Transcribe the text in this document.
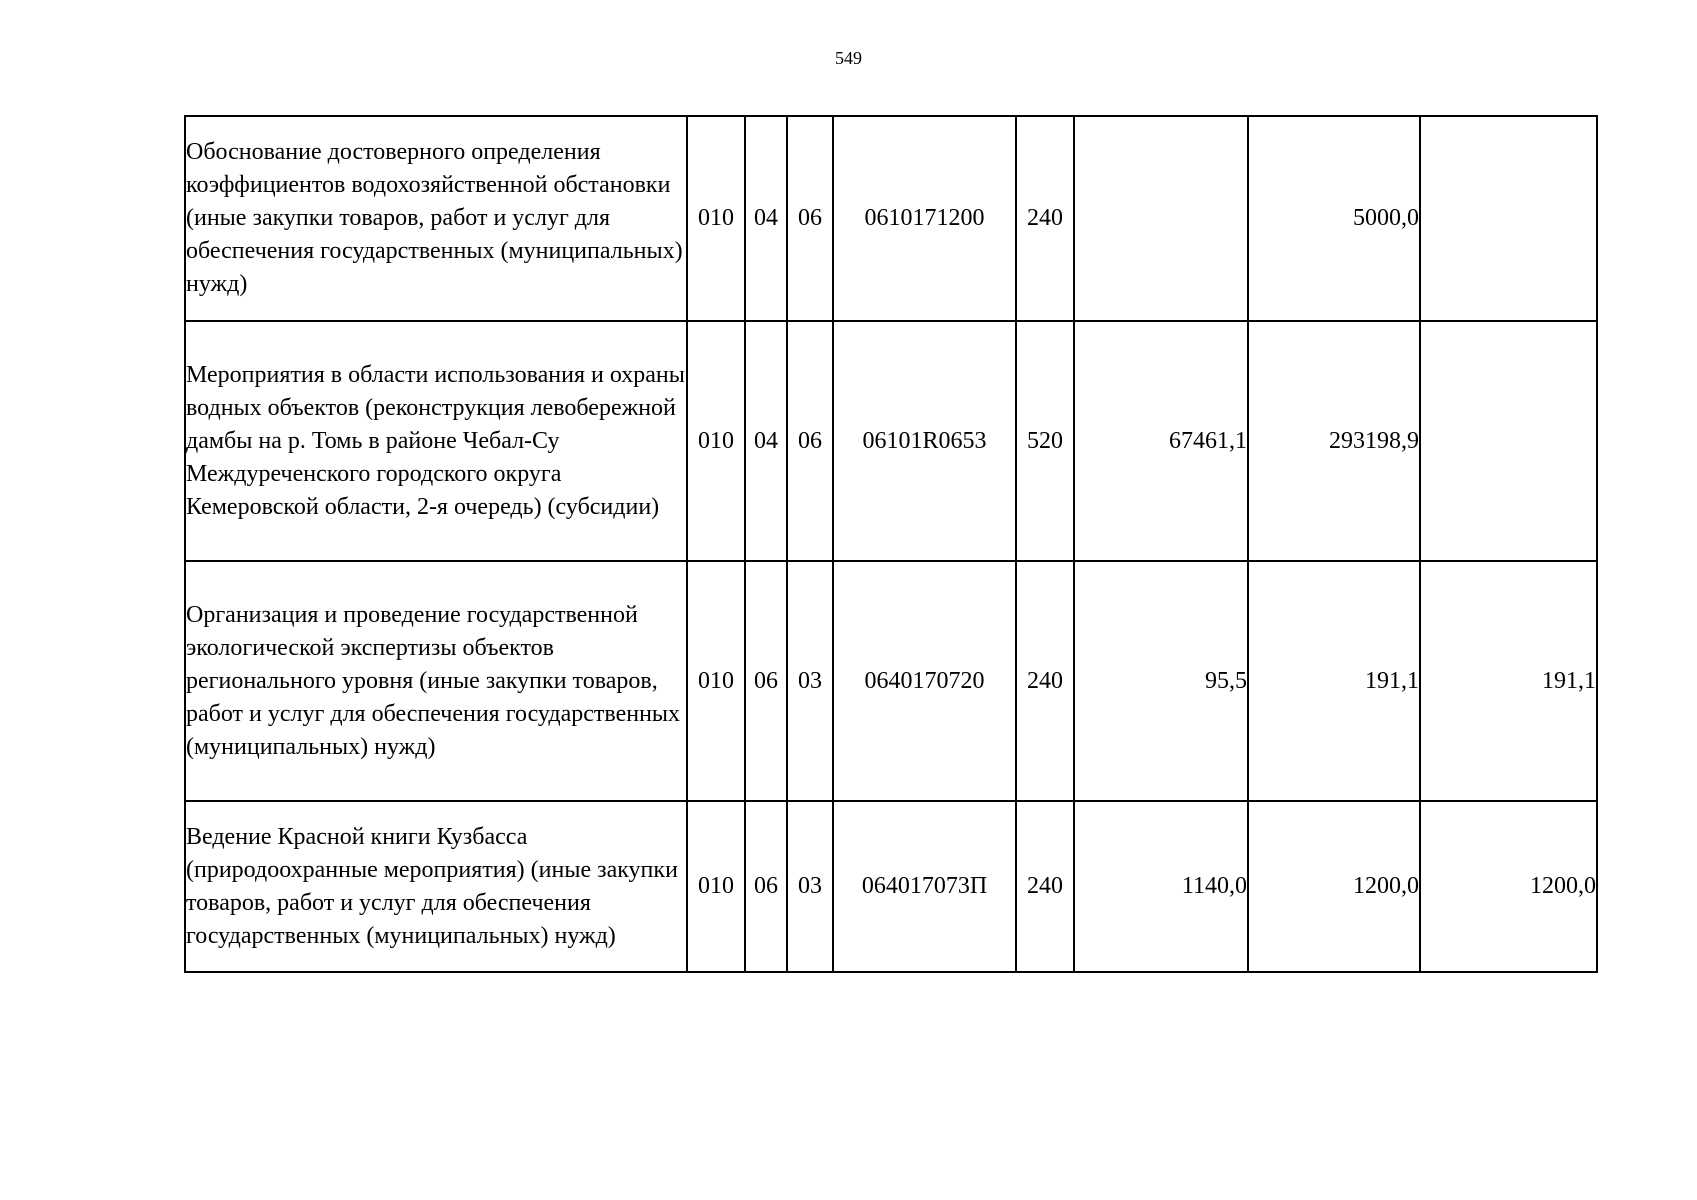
549
Обоснование достоверного определения коэффициентов водохозяйственной обстановки (иные закупки товаров, работ и услуг для обеспечения государственных (муниципальных) нужд)	010	04	06	0610171200	240		5000,0	
Мероприятия в области использования и охраны водных объектов (реконструкция левобережной дамбы на р. Томь в районе Чебал-Су Междуреченского городского округа Кемеровской области, 2-я очередь) (субсидии)	010	04	06	06101R0653	520	67461,1	293198,9	
Организация и проведение государственной экологической экспертизы объектов регионального уровня (иные закупки товаров, работ и услуг для обеспечения государственных (муниципальных) нужд)	010	06	03	0640170720	240	95,5	191,1	191,1
Ведение Красной книги Кузбасса (природоохранные мероприятия) (иные закупки товаров, работ и услуг для обеспечения государственных (муниципальных) нужд)	010	06	03	064017073П	240	1140,0	1200,0	1200,0
